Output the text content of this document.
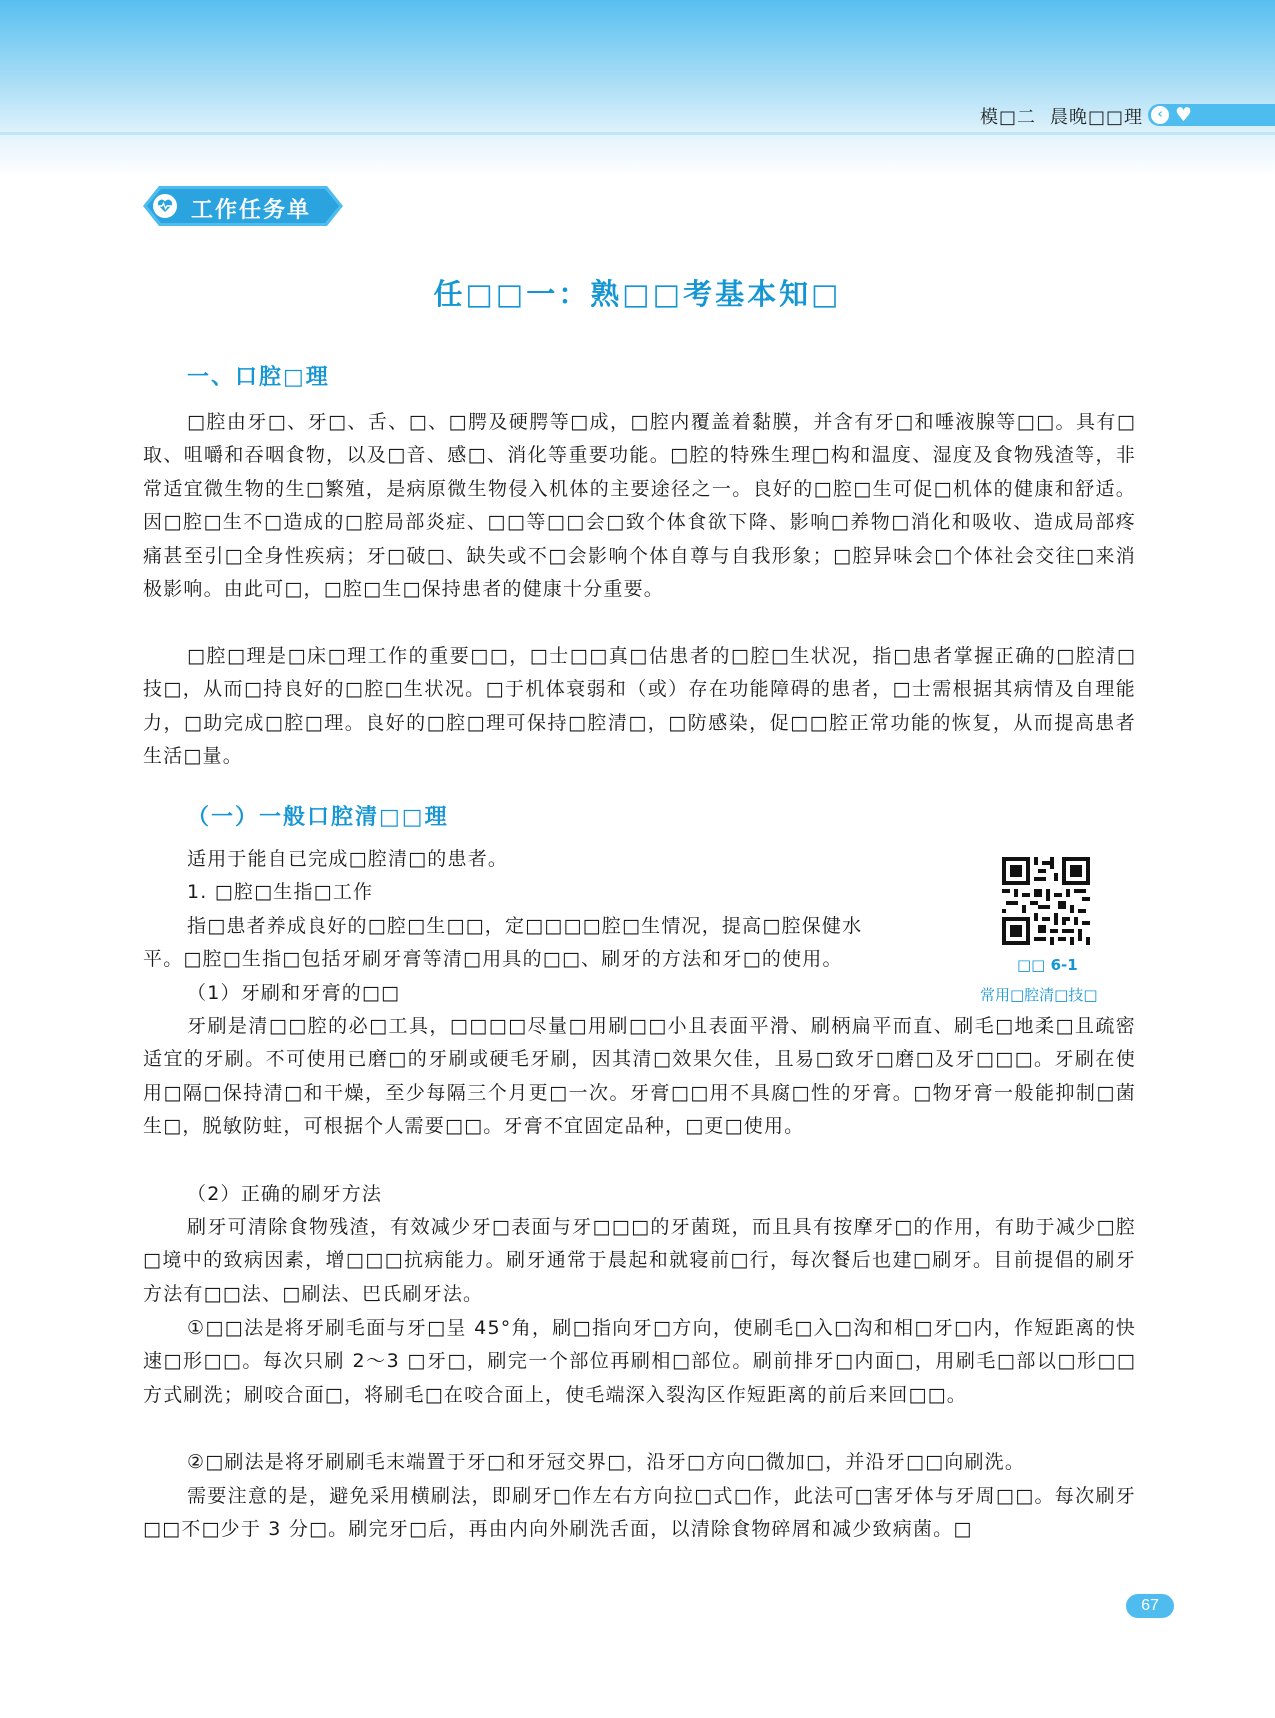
模□二 晨晚□□理	‹ ♥
工作任务单
任□□一：熟□□考基本知□
一、口腔□理

□腔由牙□、牙□、舌、□、□腭及硬腭等□成，□腔内覆盖着黏膜，并含有牙□和唾液腺等□□。具有□取、咀嚼和吞咽食物，以及□音、感□、消化等重要功能。□腔的特殊生理□构和温度、湿度及食物残渣等，非常适宜微生物的生□繁殖，是病原微生物侵入机体的主要途径之一。良好的□腔□生可促□机体的健康和舒适。因□腔□生不□造成的□腔局部炎症、□□等□□会□致个体食欲下降、影响□养物□消化和吸收、造成局部疼痛甚至引□全身性疾病；牙□破□、缺失或不□会影响个体自尊与自我形象；□腔异味会□个体社会交往□来消极影响。由此可□，□腔□生□保持患者的健康十分重要。

□腔□理是□床□理工作的重要□□，□士□□真□估患者的□腔□生状况，指□患者掌握正确的□腔清□技□，从而□持良好的□腔□生状况。□于机体衰弱和（或）存在功能障碍的患者，□士需根据其病情及自理能力，□助完成□腔□理。良好的□腔□理可保持□腔清□，□防感染，促□□腔正常功能的恢复，从而提高患者生活□量。

（一）一般口腔清□□理
适用于能自已完成□腔清□的患者。
1. □腔□生指□工作
指□患者养成良好的□腔□生□□，定□□□□腔□生情况，提高□腔保健水
平。□腔□生指□包括牙刷牙膏等清□用具的□□、刷牙的方法和牙□的使用。
（1）牙刷和牙膏的□□

牙刷是清□□腔的必□工具，□□□□尽量□用刷□□小且表面平滑、刷柄扁平而直、刷毛□地柔□且疏密适宜的牙刷。不可使用已磨□的牙刷或硬毛牙刷，因其清□效果欠佳，且易□致牙□磨□及牙□□□。牙刷在使用□隔□保持清□和干燥，至少每隔三个月更□一次。牙膏□□用不具腐□性的牙膏。□物牙膏一般能抑制□菌生□，脱敏防蛀，可根据个人需要□□。牙膏不宜固定品种，□更□使用。

（2）正确的刷牙方法

刷牙可清除食物残渣，有效减少牙□表面与牙□□□的牙菌斑，而且具有按摩牙□的作用，有助于减少□腔□境中的致病因素，增□□□抗病能力。刷牙通常于晨起和就寝前□行，每次餐后也建□刷牙。目前提倡的刷牙方法有□□法、□刷法、巴氏刷牙法。

①□□法是将牙刷毛面与牙□呈 45°角，刷□指向牙□方向，使刷毛□入□沟和相□牙□内，作短距离的快速□形□□。每次只刷 2～3 □牙□，刷完一个部位再刷相□部位。刷前排牙□内面□，用刷毛□部以□形□□方式刷洗；刷咬合面□，将刷毛□在咬合面上，使毛端深入裂沟区作短距离的前后来回□□。

②□刷法是将牙刷刷毛末端置于牙□和牙冠交界□，沿牙□方向□微加□，并沿牙□□向刷洗。

需要注意的是，避免采用横刷法，即刷牙□作左右方向拉□式□作，此法可□害牙体与牙周□□。每次刷牙□□不□少于 3 分□。刷完牙□后，再由内向外刷洗舌面，以清除食物碎屑和减少致病菌。□

□□ 6-1
常用□腔清□技□
67
